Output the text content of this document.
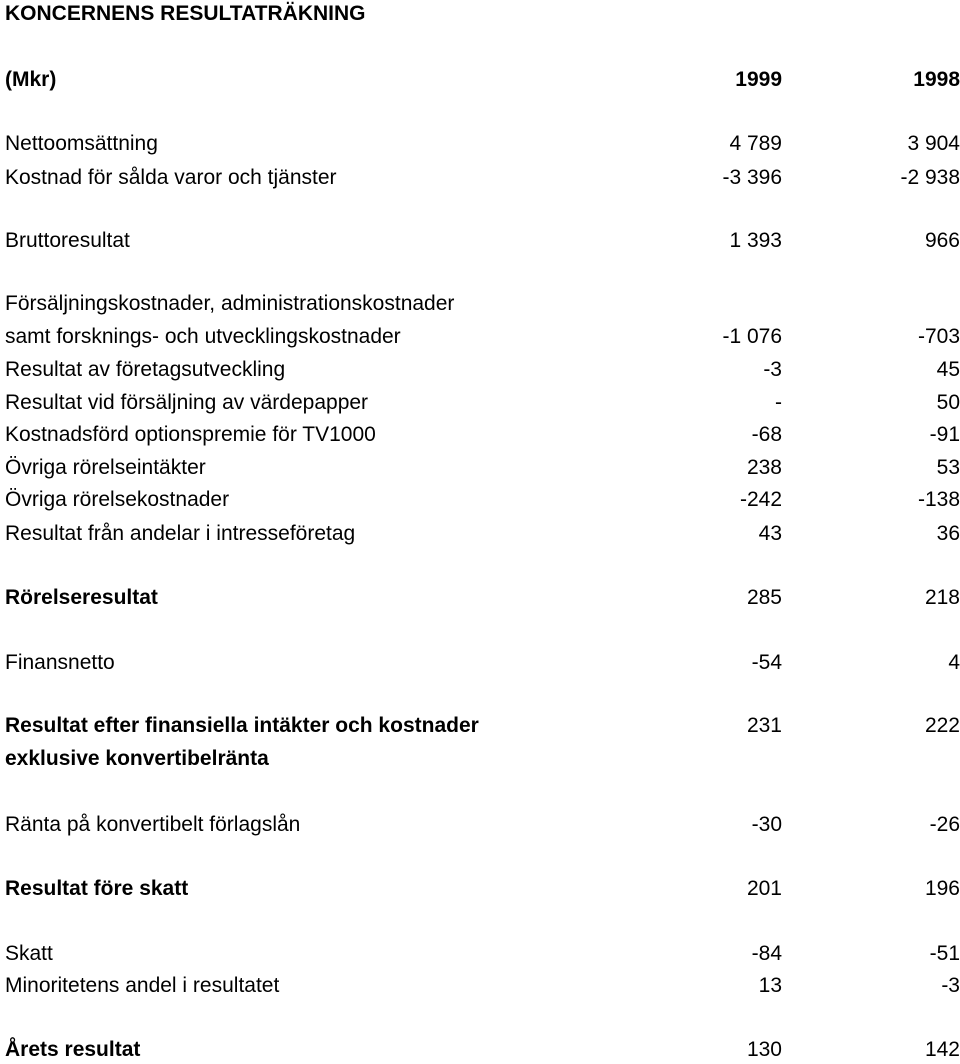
KONCERNENS RESULTATRÄKNING
(Mkr)	1999	1998
Nettoomsättning	4 789	3 904
Kostnad för sålda varor och tjänster	-3 396	-2 938
Bruttoresultat	1 393	966
Försäljningskostnader, administrationskostnader
samt forsknings- och utvecklingskostnader	-1 076	-703
Resultat av företagsutveckling	-3	45
Resultat vid försäljning av värdepapper	-	50
Kostnadsförd optionspremie för TV1000	-68	-91
Övriga rörelseintäkter	238	53
Övriga rörelsekostnader	-242	-138
Resultat från andelar i intresseföretag	43	36
Rörelseresultat	285	218
Finansnetto	-54	4
Resultat efter finansiella intäkter och kostnader	231	222
exklusive konvertibelränta
Ränta på konvertibelt förlagslån	-30	-26
Resultat före skatt	201	196
Skatt	-84	-51
Minoritetens andel i resultatet	13	-3
Årets resultat	130	142
